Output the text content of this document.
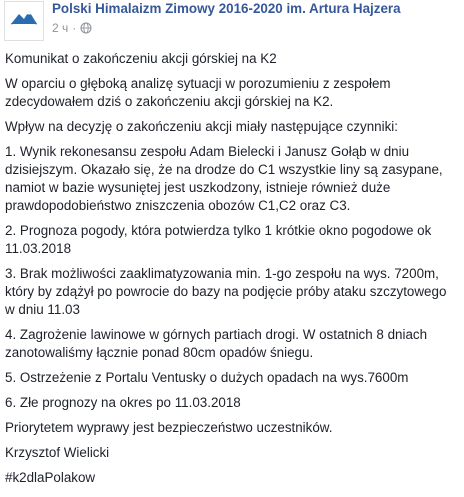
Polski Himalaizm Zimowy 2016-2020 im. Artura Hajzera
2 ч ·

Komunikat o zakończeniu akcji górskiej na K2

W oparciu o głęboką analizę sytuacji w porozumieniu z zespołem zdecydowałem dziś o zakończeniu akcji górskiej na K2.

Wpływ na decyzję o zakończeniu akcji miały następujące czynniki:

1. Wynik rekonesansu zespołu Adam Bielecki i Janusz Gołąb w dniu dzisiejszym. Okazało się, że na drodze do C1 wszystkie liny są zasypane, namiot w bazie wysuniętej jest uszkodzony, istnieje również duże prawdopodobieństwo zniszczenia obozów C1,C2 oraz C3.

2. Prognoza pogody, która potwierdza tylko 1 krótkie okno pogodowe ok 11.03.2018

3. Brak możliwości zaaklimatyzowania min. 1-go zespołu na wys. 7200m, który by zdążył po powrocie do bazy na podjęcie próby ataku szczytowego w dniu 11.03

4. Zagrożenie lawinowe w górnych partiach drogi. W ostatnich 8 dniach zanotowaliśmy łącznie ponad 80cm opadów śniegu.

5. Ostrzeżenie z Portalu Ventusky o dużych opadach na wys.7600m

6. Złe prognozy na okres po 11.03.2018

Priorytetem wyprawy jest bezpieczeństwo uczestników.

Krzysztof Wielicki

#k2dlaPolakow
